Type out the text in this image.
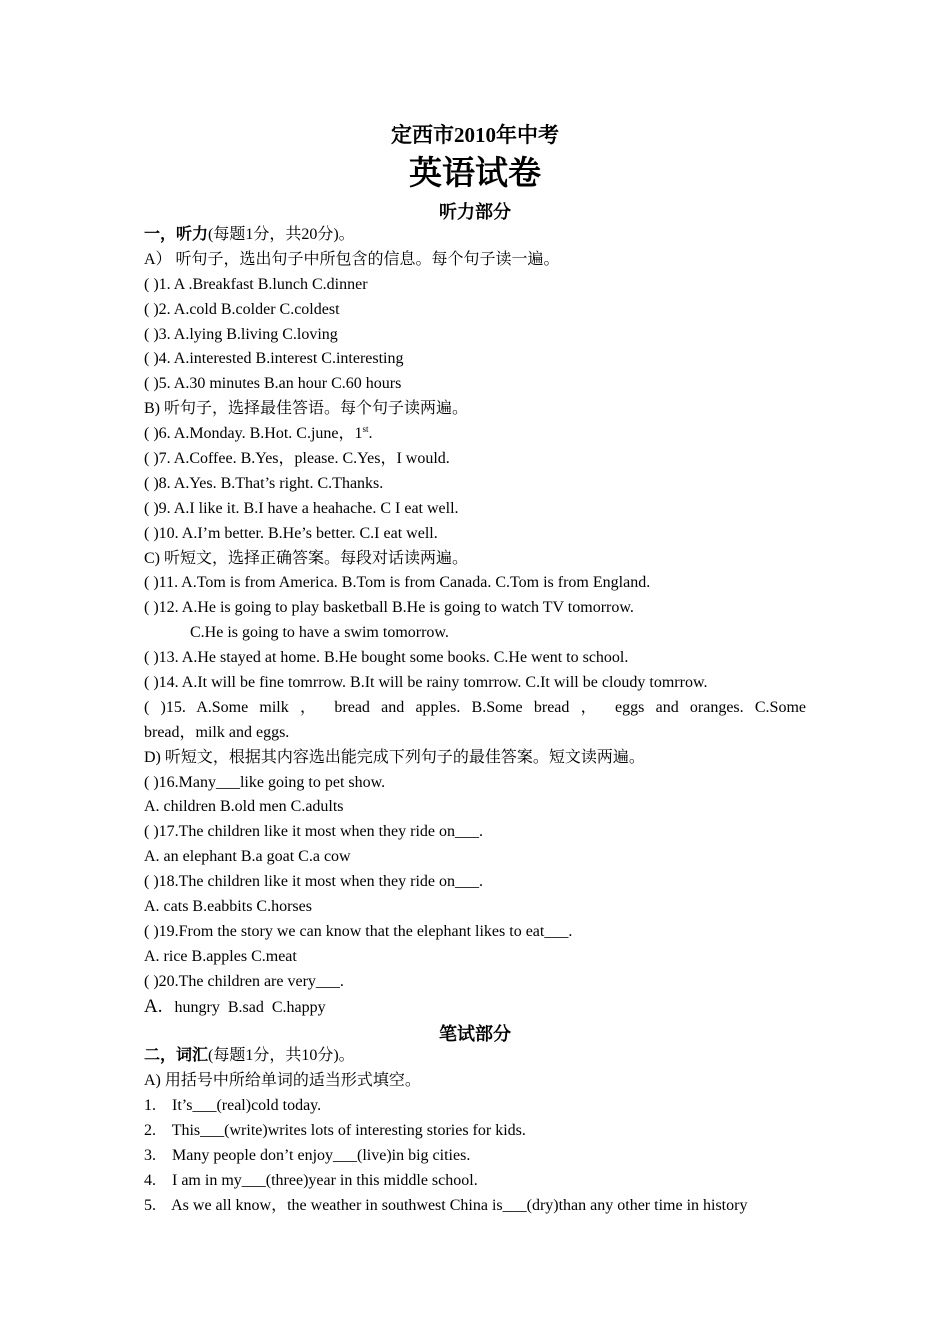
定西市2010年中考
英语试卷
听力部分
一，听力(每题1分，共20分)。
A） 听句子，选出句子中所包含的信息。每个句子读一遍。
( )1. A .Breakfast B.lunch C.dinner
( )2. A.cold B.colder C.coldest
( )3. A.lying B.living C.loving
( )4. A.interested B.interest C.interesting
( )5. A.30 minutes B.an hour C.60 hours
B) 听句子，选择最佳答语。每个句子读两遍。
( )6. A.Monday. B.Hot. C.june，1st.
( )7. A.Coffee. B.Yes，please. C.Yes，I would.
( )8. A.Yes. B.That’s right. C.Thanks.
( )9. A.I like it. B.I have a heahache. C I eat well.
( )10. A.I’m better. B.He’s better. C.I eat well.
C) 听短文，选择正确答案。每段对话读两遍。
( )11. A.Tom is from America. B.Tom is from Canada. C.Tom is from England.
( )12. A.He is going to play basketball B.He is going to watch TV tomorrow.
C.He is going to have a swim tomorrow.
( )13. A.He stayed at home. B.He bought some books. C.He went to school.
( )14. A.It will be fine tomrrow. B.It will be rainy tomrrow. C.It will be cloudy tomrrow.
( )15. A.Some milk ， bread and apples. B.Some bread ， eggs and oranges. C.Some
bread，milk and eggs.
D) 听短文，根据其内容选出能完成下列句子的最佳答案。短文读两遍。
( )16.Many___like going to pet show.
A. children B.old men C.adults
( )17.The children like it most when they ride on___.
A. an elephant B.a goat C.a cow
( )18.The children like it most when they ride on___.
A. cats B.eabbits C.horses
( )19.From the story we can know that the elephant likes to eat___.
A. rice B.apples C.meat
( )20.The children are very___.
A.   hungry  B.sad  C.happy
笔试部分
二，词汇(每题1分，共10分)。
A) 用括号中所给单词的适当形式填空。
1.    It’s___(real)cold today.
2.    This___(write)writes lots of interesting stories for kids.
3.    Many people don’t enjoy___(live)in big cities.
4.    I am in my___(three)year in this middle school.
5.    As we all know，the weather in southwest China is___(dry)than any other time in history
